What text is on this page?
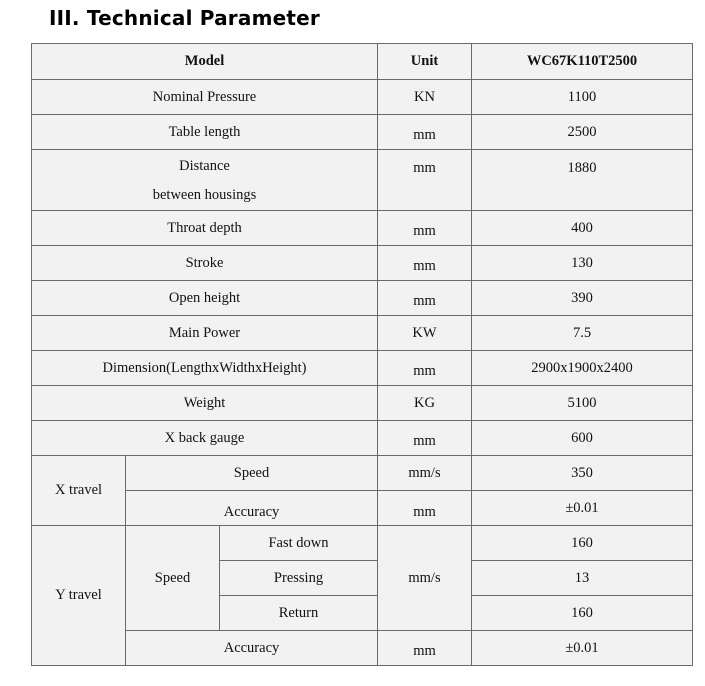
III. Technical Parameter
Model			Unit	WC67K110T2500
Nominal Pressure			KN	1100
Table length			mm	2500

Distance
between housings			mm	1880
Throat depth			mm	400
Stroke			mm	130
Open height			mm	390
Main Power			KW	7.5
Dimension(LengthxWidthxHeight)			mm	2900x1900x2400
Weight			KG	5100
X back gauge			mm	600
X travel	Speed		mm/s	350
	Accuracy		mm	±0.01
Y travel	Speed	Fast down	mm/s	160
		Pressing		13
		Return		160
	Accuracy		mm	±0.01
